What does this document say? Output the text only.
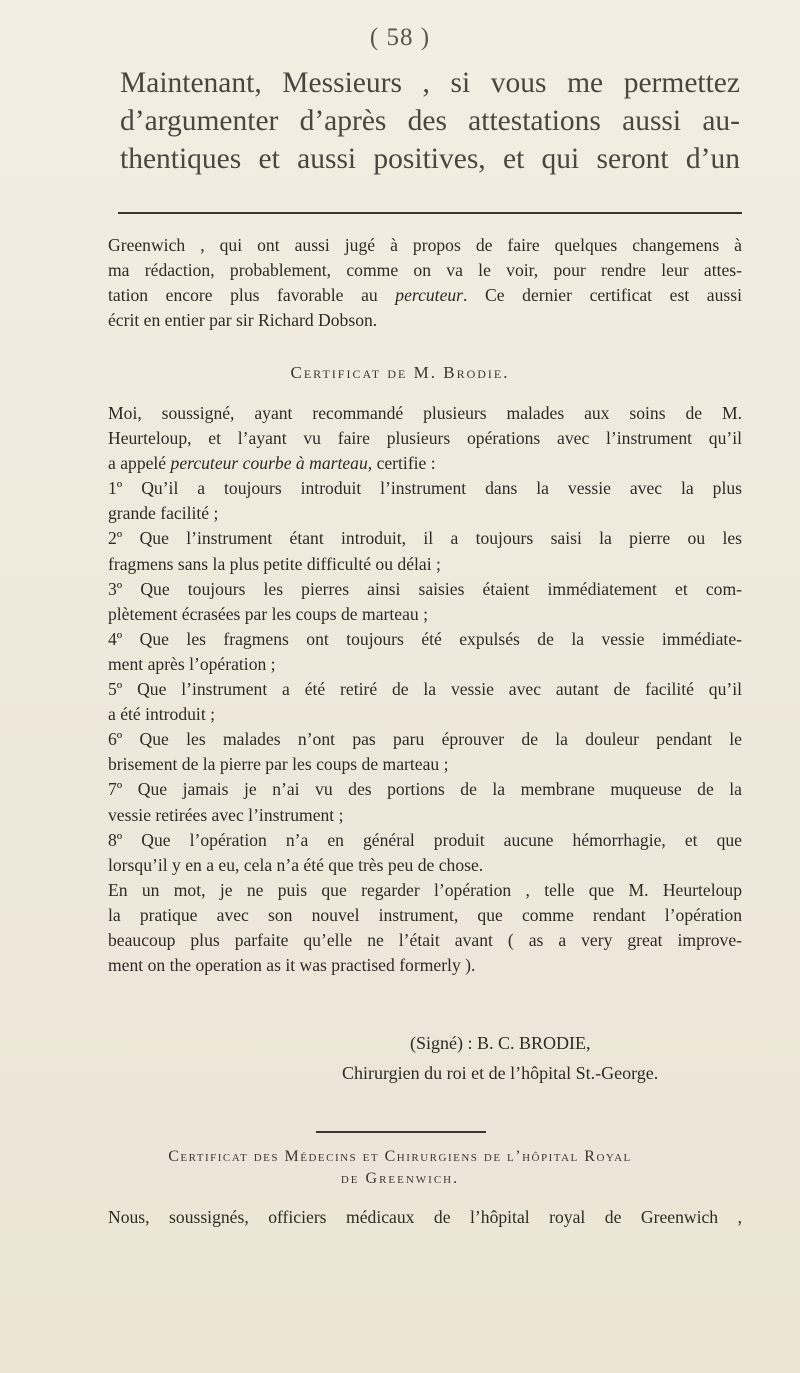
( 58 )
Maintenant, Messieurs , si vous me permettez
d’argumenter d’après des attestations aussi au-
thentiques et aussi positives, et qui seront d’un
Greenwich , qui ont aussi jugé à propos de faire quelques changemens à
ma rédaction, probablement, comme on va le voir, pour rendre leur attes-
tation encore plus favorable au percuteur. Ce dernier certificat est aussi
écrit en entier par sir Richard Dobson.
Certificat de M. Brodie.
Moi, soussigné, ayant recommandé plusieurs malades aux soins de M.
Heurteloup, et l’ayant vu faire plusieurs opérations avec l’instrument qu’il
a appelé percuteur courbe à marteau, certifie :
1º Qu’il a toujours introduit l’instrument dans la vessie avec la plus
grande facilité ;
2º Que l’instrument étant introduit, il a toujours saisi la pierre ou les
fragmens sans la plus petite difficulté ou délai ;
3º Que toujours les pierres ainsi saisies étaient immédiatement et com-
plètement écrasées par les coups de marteau ;
4º Que les fragmens ont toujours été expulsés de la vessie immédiate-
ment après l’opération ;
5º Que l’instrument a été retiré de la vessie avec autant de facilité qu’il
a été introduit ;
6º Que les malades n’ont pas paru éprouver de la douleur pendant le
brisement de la pierre par les coups de marteau ;
7º Que jamais je n’ai vu des portions de la membrane muqueuse de la
vessie retirées avec l’instrument ;
8º Que l’opération n’a en général produit aucune hémorrhagie, et que
lorsqu’il y en a eu, cela n’a été que très peu de chose.
En un mot, je ne puis que regarder l’opération , telle que M. Heurteloup
la pratique avec son nouvel instrument, que comme rendant l’opération
beaucoup plus parfaite qu’elle ne l’était avant ( as a very great improve-
ment on the operation as it was practised formerly ).
(Signé) : B. C. BRODIE,
Chirurgien du roi et de l’hôpital St.-George.
Certificat des Médecins et Chirurgiens de l’hôpital Royal
de Greenwich.
Nous, soussignés, officiers médicaux de l’hôpital royal de Greenwich ,
